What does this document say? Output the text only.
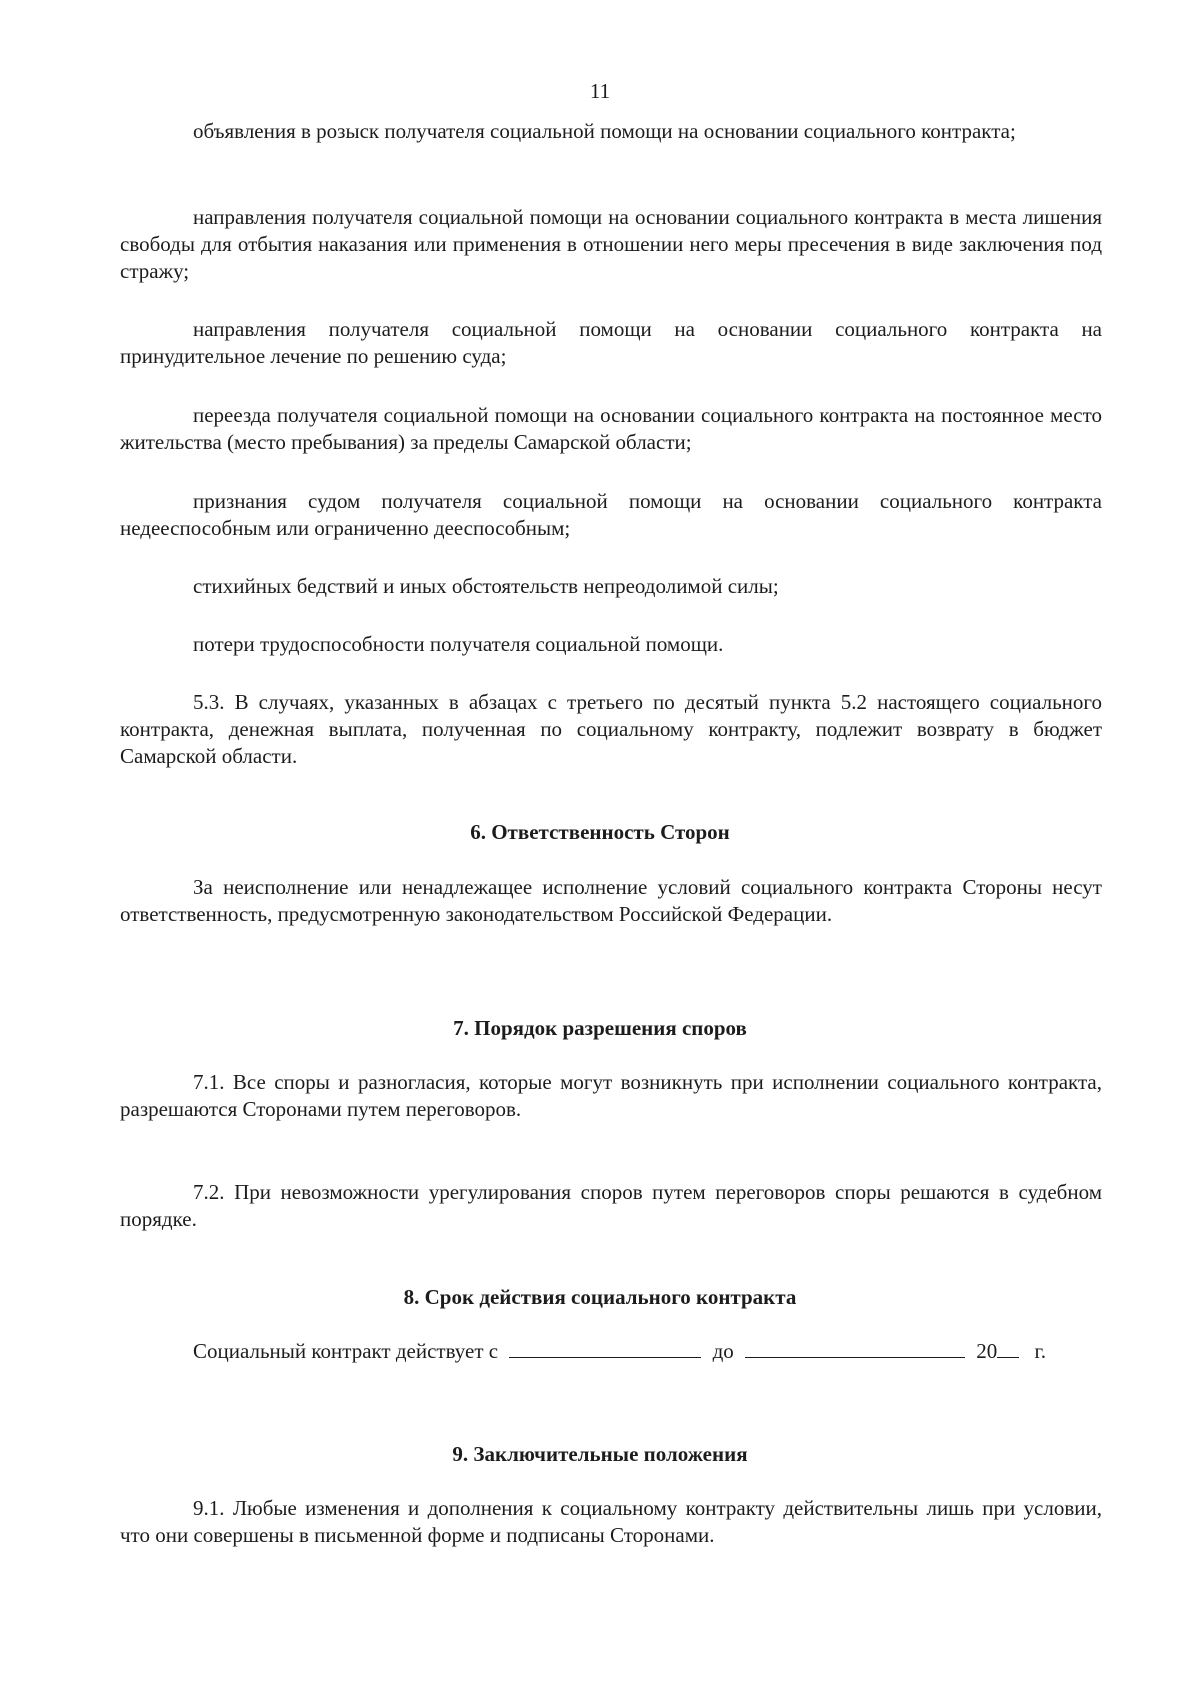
11

объявления в розыск получателя социальной помощи на основании социального контракта;

направления получателя социальной помощи на основании социального контракта в места лишения свободы для отбытия наказания или применения в отношении него меры пресечения в виде заключения под стражу;

направления получателя социальной помощи на основании социального контракта на принудительное лечение по решению суда;

переезда получателя социальной помощи на основании социального контракта на постоянное место жительства (место пребывания) за пределы Самарской области;

признания судом получателя социальной помощи на основании социального контракта недееспособным или ограниченно дееспособным;

стихийных бедствий и иных обстоятельств непреодолимой силы;

потери трудоспособности получателя социальной помощи.

5.3. В случаях, указанных в абзацах с третьего по десятый пункта 5.2 настоящего социального контракта, денежная выплата, полученная по социальному контракту, подлежит возврату в бюджет Самарской области.

6. Ответственность Сторон

За неисполнение или ненадлежащее исполнение условий социального контракта Стороны несут ответственность, предусмотренную законодательством Российской Федерации.

7. Порядок разрешения споров

7.1. Все споры и разногласия, которые могут возникнуть при исполнении социального контракта, разрешаются Сторонами путем переговоров.

7.2. При невозможности урегулирования споров путем переговоров споры решаются в судебном порядке.

8. Срок действия социального контракта
Социальный контракт действует с	до	20 г.
9. Заключительные положения

9.1. Любые изменения и дополнения к социальному контракту действительны лишь при условии, что они совершены в письменной форме и подписаны Сторонами.
